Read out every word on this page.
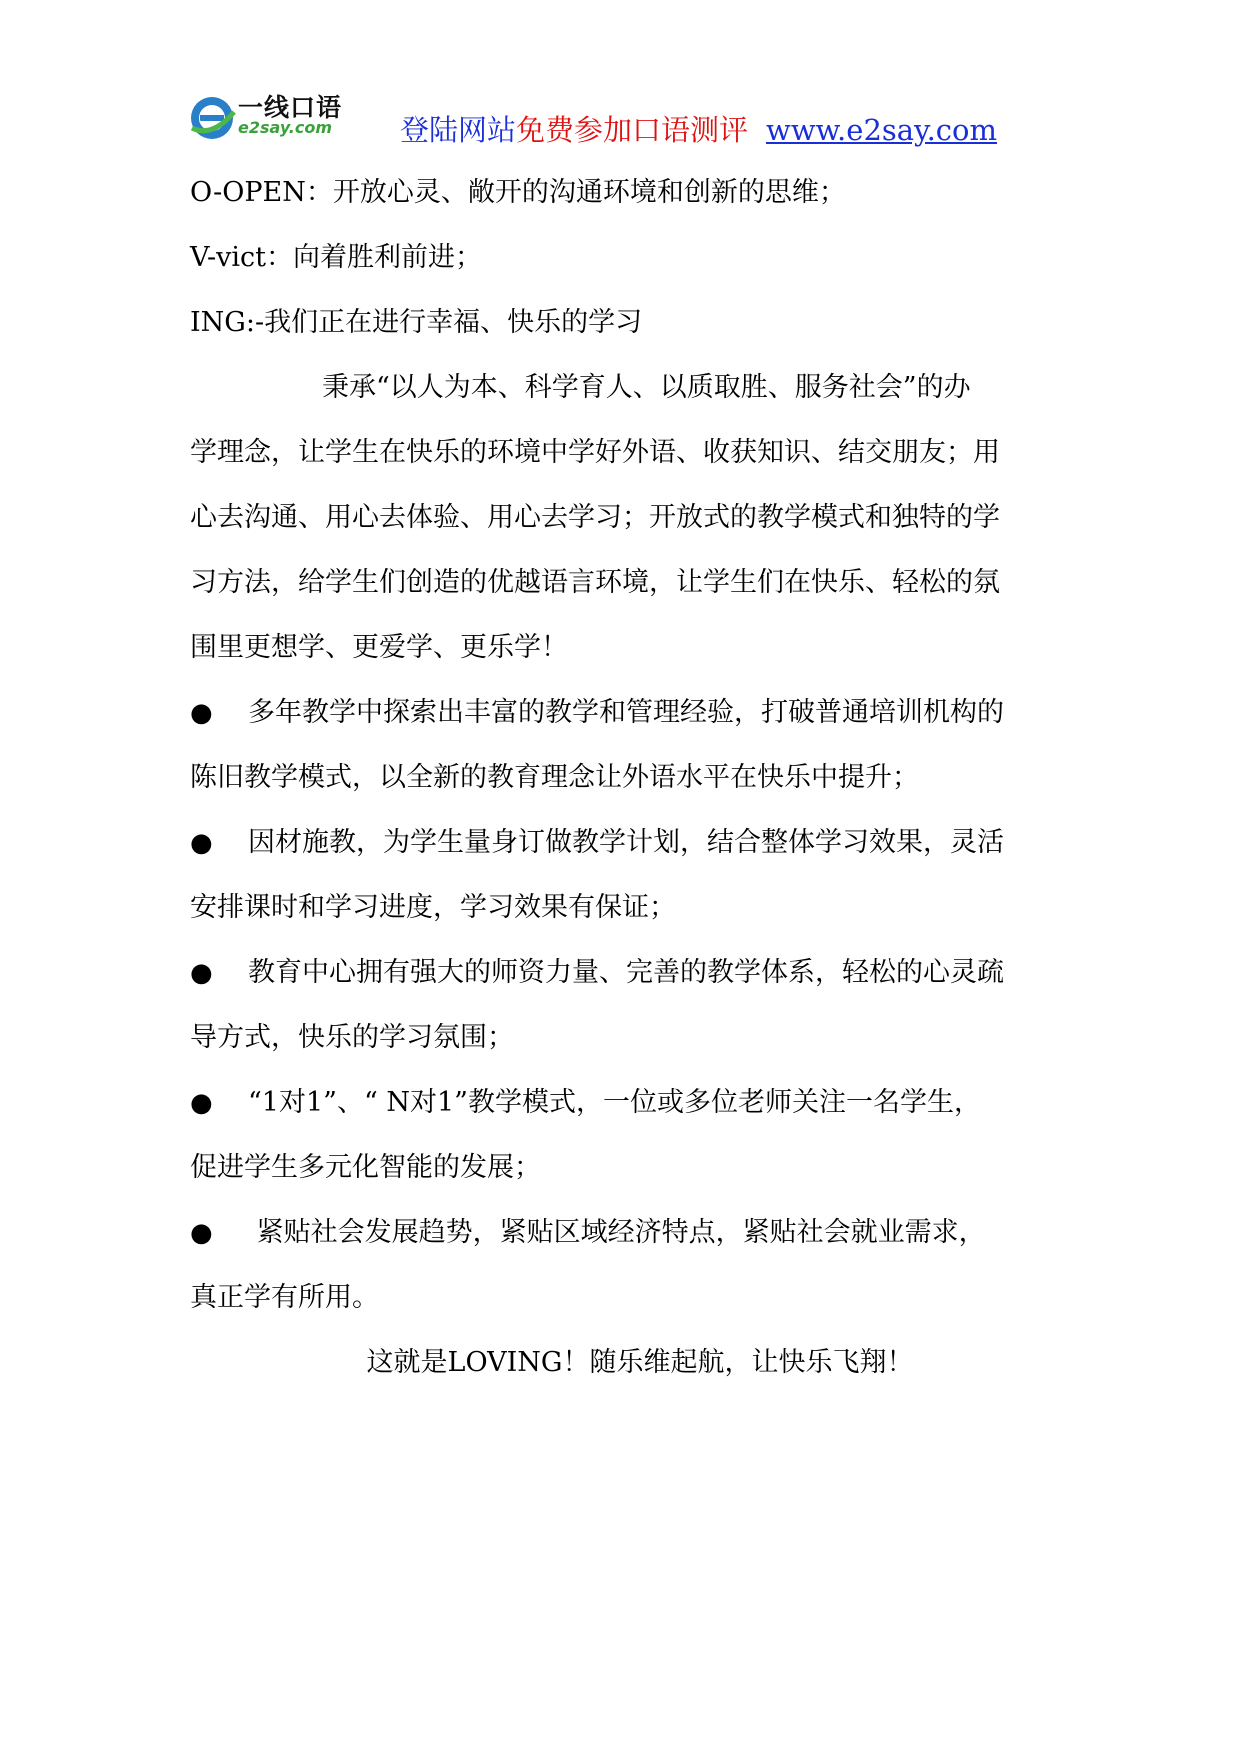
一线口语
e2say.com 登陆网站免费参加口语测评 www.e2say.com
O-OPEN：开放心灵、敞开的沟通环境和创新的思维；
V-vict：向着胜利前进；
ING:-我们正在进行幸福、快乐的学习
秉承“以人为本、科学育人、以质取胜、服务社会”的办
学理念，让学生在快乐的环境中学好外语、收获知识、结交朋友；用
心去沟通、用心去体验、用心去学习；开放式的教学模式和独特的学
习方法，给学生们创造的优越语言环境，让学生们在快乐、轻松的氛
围里更想学、更爱学、更乐学！
● 多年教学中探索出丰富的教学和管理经验，打破普通培训机构的
陈旧教学模式，以全新的教育理念让外语水平在快乐中提升；
● 因材施教，为学生量身订做教学计划，结合整体学习效果，灵活
安排课时和学习进度，学习效果有保证；
● 教育中心拥有强大的师资力量、完善的教学体系，轻松的心灵疏
导方式，快乐的学习氛围；
● “1对1”、“ N对1”教学模式，一位或多位老师关注一名学生，
促进学生多元化智能的发展；
● 紧贴社会发展趋势，紧贴区域经济特点，紧贴社会就业需求，
真正学有所用。
这就是LOVING！随乐维起航，让快乐飞翔！
